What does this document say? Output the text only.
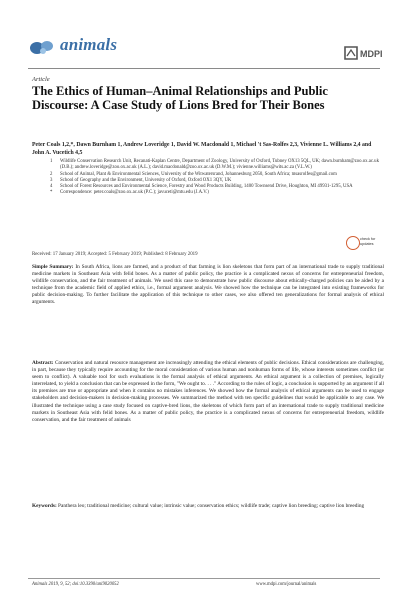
animals	MDPI
Article
The Ethics of Human–Animal Relationships and Public Discourse: A Case Study of Lions Bred for Their Bones
Peter Coals 1,2,*, Dawn Burnham 1, Andrew Loveridge 1, David W. Macdonald 1, Michael 't Sas-Rolfes 2,3, Vivienne L. Williams 2,4 and John A. Vucetich 4,5
1 Wildlife Conservation Research Unit, Recanati-Kaplan Centre, Department of Zoology, University of Oxford, Tubney OX13 5QL, UK; dawn.burnham@zoo.ox.ac.uk (D.B.); andrew.loveridge@zoo.ox.ac.uk (A.L.); david.macdonald@zoo.ox.ac.uk (D.W.M.); vivienne.williams@wits.ac.za (V.L.W.)
2 School of Animal, Plant & Environmental Sciences, University of the Witwatersrand, Johannesburg 2050, South Africa; msasrolfes@gmail.com
3 School of Geography and the Environment, University of Oxford, Oxford OX1 3QY, UK
4 School of Forest Resources and Environmental Science, Forestry and Wood Products Building, 1400 Townsend Drive, Houghton, MI 49931-1295, USA
* Correspondence: peter.coals@zoo.ox.ac.uk (P.C.); javuceti@mtu.edu (J.A.V.)
check for updates
Received: 17 January 2019; Accepted: 5 February 2019; Published: 8 February 2019
Simple Summary: In South Africa, lions are farmed, and a product of that farming is lion skeletons that form part of an international trade to supply traditional medicine markets in Southeast Asia with felid bones. As a matter of public policy, the practice is a complicated nexus of concerns for entrepreneurial freedom, wildlife conservation, and the fair treatment of animals. We used this case to demonstrate how public discourse about ethically-charged policies can be aided by a technique from the academic field of applied ethics, i.e., formal argument analysis. We showed how the technique can be integrated into existing frameworks for public decision-making. To further facilitate the application of this technique to other cases, we also offered ten generalizations for formal analysis of ethical arguments.
Abstract: Conservation and natural resource management are increasingly attending the ethical elements of public decisions. Ethical considerations are challenging, in part, because they typically require accounting for the moral consideration of various human and nonhuman forms of life, whose interests sometimes conflict (or seem to conflict). A valuable tool for such evaluations is the formal analysis of ethical arguments. An ethical argument is a collection of premises, logically interrelated, to yield a conclusion that can be expressed in the form, "We ought to. . . ." According to the rules of logic, a conclusion is supported by an argument if all its premises are true or appropriate and when it contains no mistakes inferences. We showed how the formal analysis of ethical arguments can be used to engage stakeholders and decision-makers in decision-making processes. We summarized the method with ten specific guidelines that would be applicable to any case. We illustrated the technique using a case study focused on captive-bred lions, the skeletons of which form part of an international trade to supply traditional medicine markets in Southeast Asia with felid bones. As a matter of public policy, the practice is a complicated nexus of concerns for entrepreneurial freedom, wildlife conservation, and the fair treatment of animals
Keywords: Panthera leo; traditional medicine; cultural value; intrinsic value; conservation ethics; wildlife trade; captive lion breeding; captive lion breeding
Animals 2019, 9, 52; doi:10.3390/ani9020052	www.mdpi.com/journal/animals
